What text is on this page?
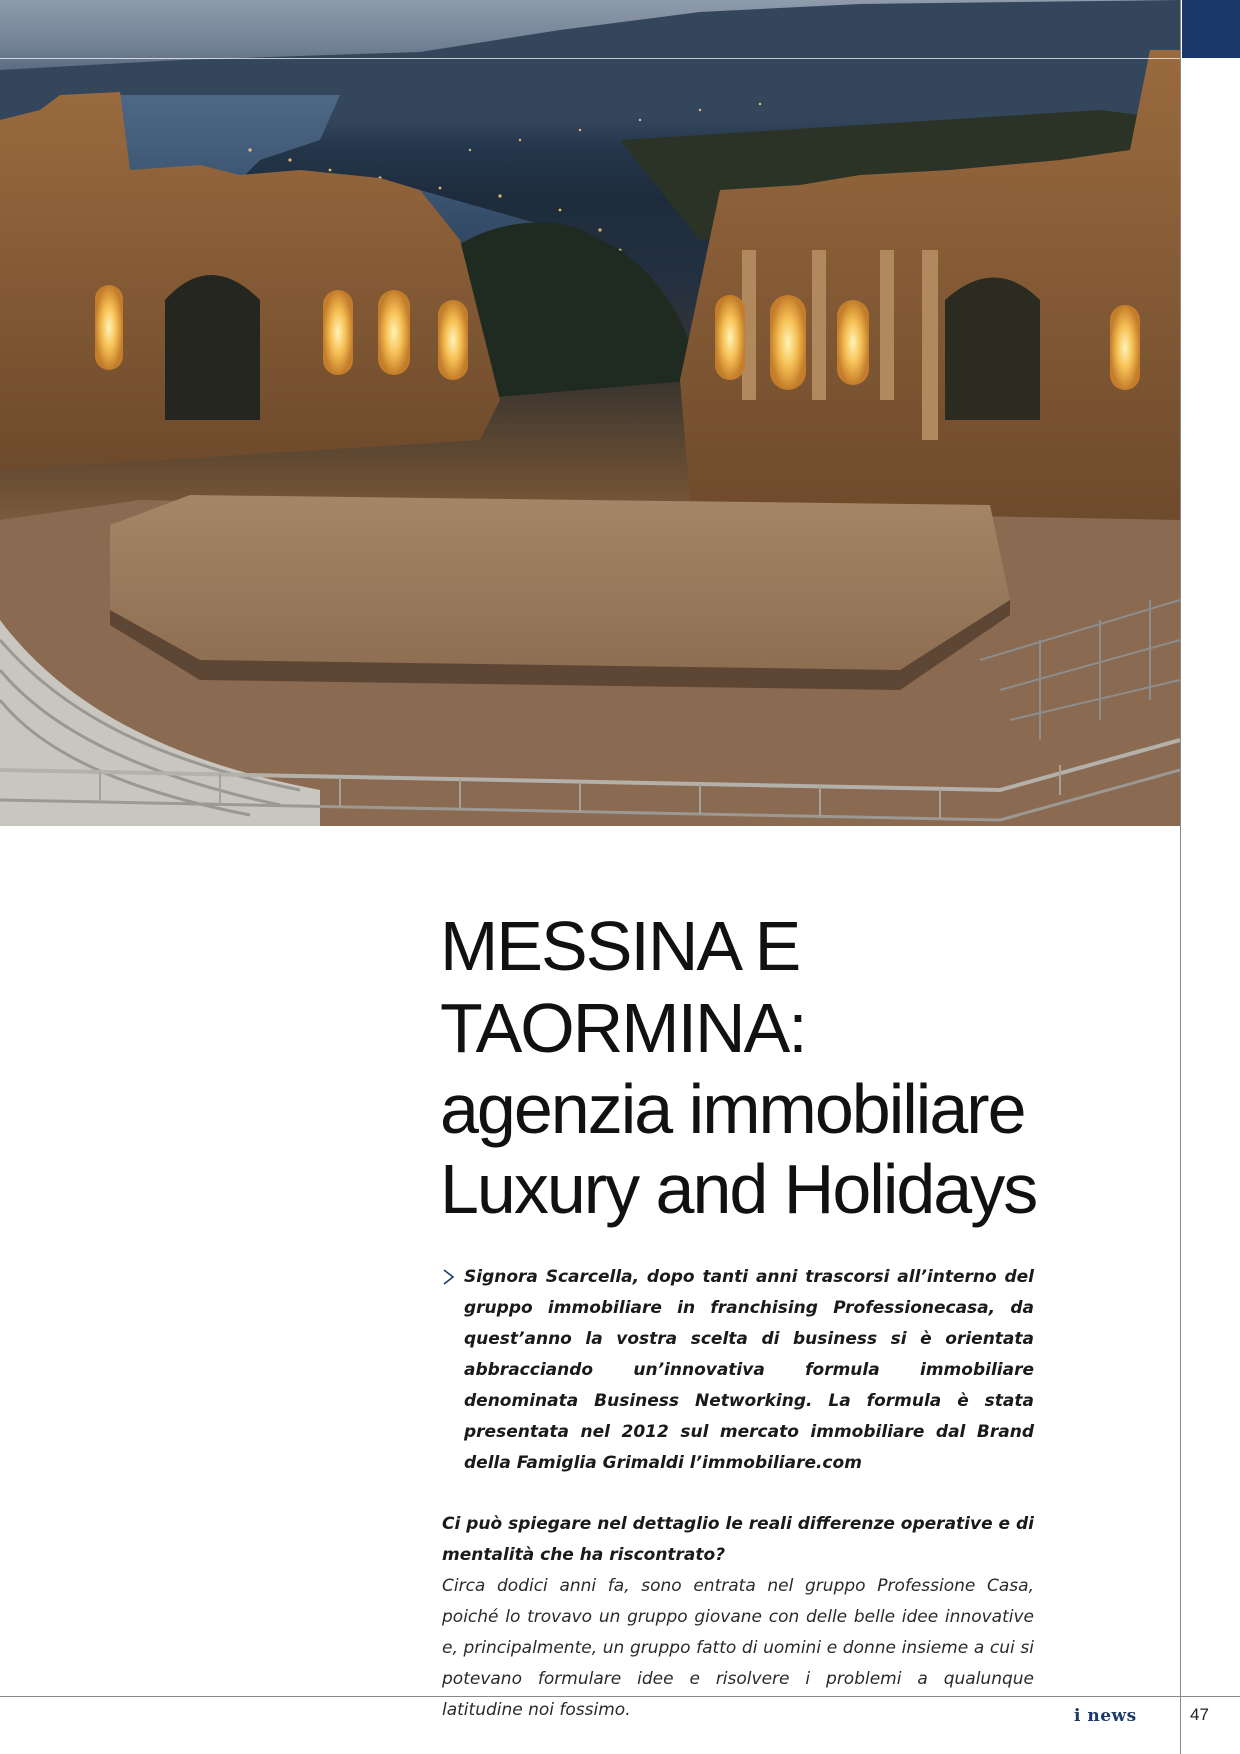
MESSINA E TAORMINA:
agenzia immobiliare
Luxury and Holidays

Signora Scarcella, dopo tanti anni trascorsi all’interno del gruppo immobiliare in franchising Professionecasa, da quest’anno la vostra scelta di business si è orientata abbracciando un’innovativa formula immobiliare denominata Business Networking. La formula è stata presentata nel 2012 sul mercato immobiliare dal Brand della Famiglia Grimaldi l’immobiliare.com

Ci può spiegare nel dettaglio le reali differenze operative e di mentalità che ha riscontrato?

Circa dodici anni fa, sono entrata nel gruppo Professione Casa, poiché lo trovavo un gruppo giovane con delle belle idee innovative e, principalmente, un gruppo fatto di uomini e donne insieme a cui si potevano formulare idee e risolvere i problemi a qualunque latitudine noi fossimo.	i news	47
